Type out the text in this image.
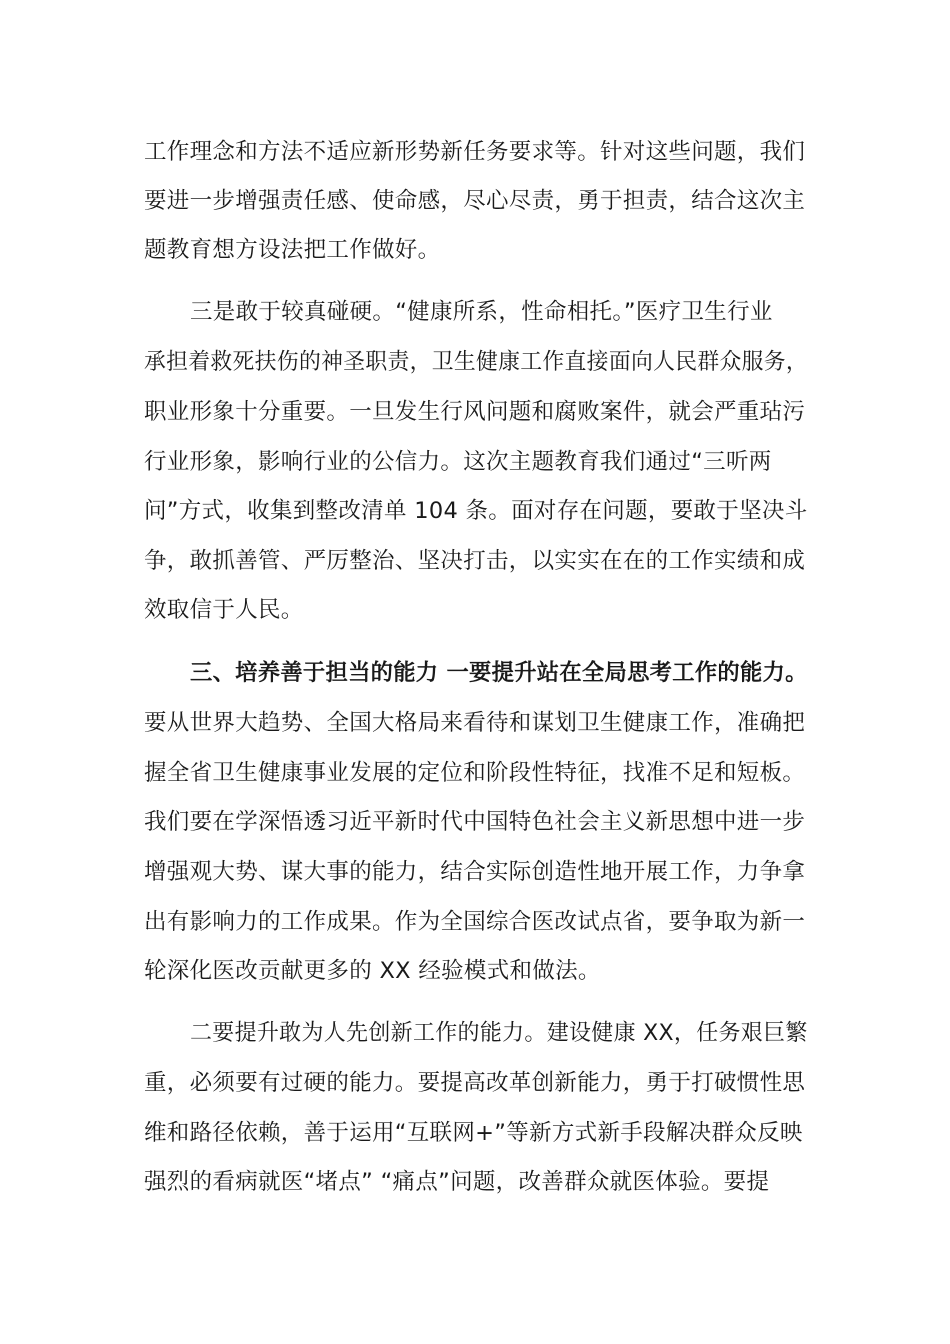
工作理念和方法不适应新形势新任务要求等。针对这些问题，我们
要进一步增强责任感、使命感，尽心尽责，勇于担责，结合这次主
题教育想方设法把工作做好。
三是敢于较真碰硬。“健康所系，性命相托。”医疗卫生行业
承担着救死扶伤的神圣职责，卫生健康工作直接面向人民群众服务，
职业形象十分重要。一旦发生行风问题和腐败案件，就会严重玷污
行业形象，影响行业的公信力。这次主题教育我们通过“三听两
问”方式，收集到整改清单 104 条。面对存在问题，要敢于坚决斗
争，敢抓善管、严厉整治、坚决打击，以实实在在的工作实绩和成
效取信于人民。
三、培养善于担当的能力 一要提升站在全局思考工作的能力。
要从世界大趋势、全国大格局来看待和谋划卫生健康工作，准确把
握全省卫生健康事业发展的定位和阶段性特征，找准不足和短板。
我们要在学深悟透习近平新时代中国特色社会主义新思想中进一步
增强观大势、谋大事的能力，结合实际创造性地开展工作，力争拿
出有影响力的工作成果。作为全国综合医改试点省，要争取为新一
轮深化医改贡献更多的 XX 经验模式和做法。
二要提升敢为人先创新工作的能力。建设健康 XX，任务艰巨繁
重，必须要有过硬的能力。要提高改革创新能力，勇于打破惯性思
维和路径依赖，善于运用“互联网+”等新方式新手段解决群众反映
强烈的看病就医“堵点” “痛点”问题，改善群众就医体验。要提
